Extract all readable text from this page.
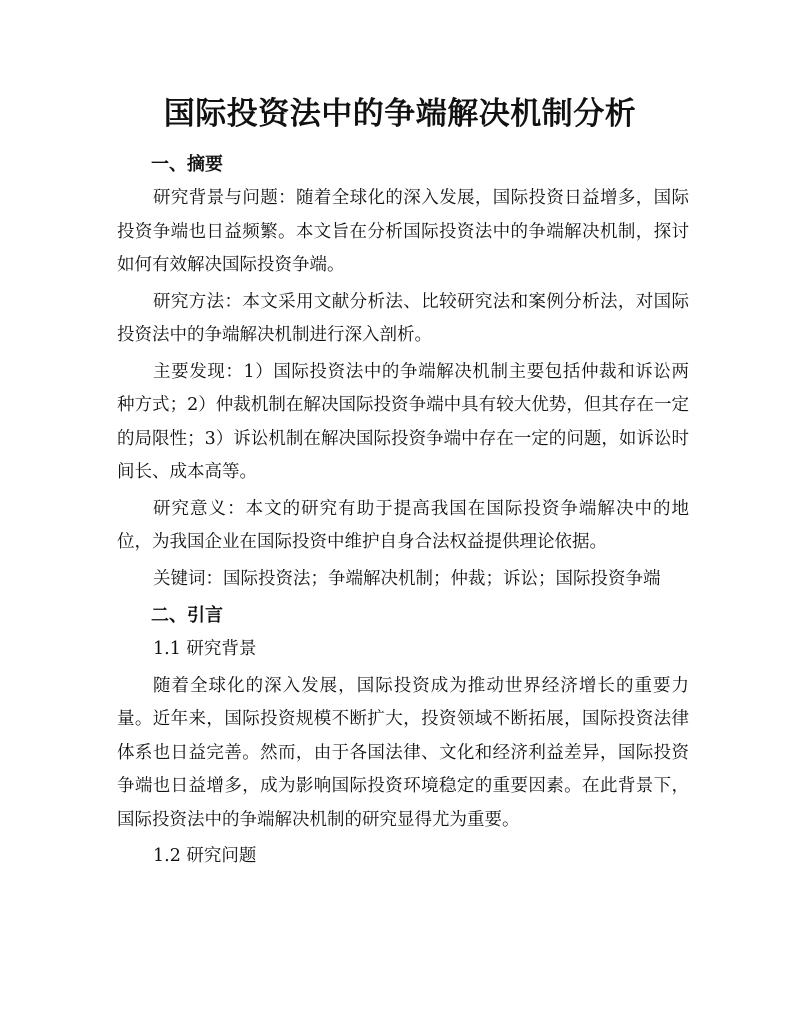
国际投资法中的争端解决机制分析
一、摘要

研究背景与问题：随着全球化的深入发展，国际投资日益增多，国际投资争端也日益频繁。本文旨在分析国际投资法中的争端解决机制，探讨如何有效解决国际投资争端。

研究方法：本文采用文献分析法、比较研究法和案例分析法，对国际投资法中的争端解决机制进行深入剖析。

主要发现：1）国际投资法中的争端解决机制主要包括仲裁和诉讼两种方式；2）仲裁机制在解决国际投资争端中具有较大优势，但其存在一定的局限性；3）诉讼机制在解决国际投资争端中存在一定的问题，如诉讼时间长、成本高等。

研究意义：本文的研究有助于提高我国在国际投资争端解决中的地位，为我国企业在国际投资中维护自身合法权益提供理论依据。

关键词：国际投资法；争端解决机制；仲裁；诉讼；国际投资争端

二、引言

1.1 研究背景

随着全球化的深入发展，国际投资成为推动世界经济增长的重要力量。近年来，国际投资规模不断扩大，投资领域不断拓展，国际投资法律体系也日益完善。然而，由于各国法律、文化和经济利益差异，国际投资争端也日益增多，成为影响国际投资环境稳定的重要因素。在此背景下，国际投资法中的争端解决机制的研究显得尤为重要。

1.2 研究问题
